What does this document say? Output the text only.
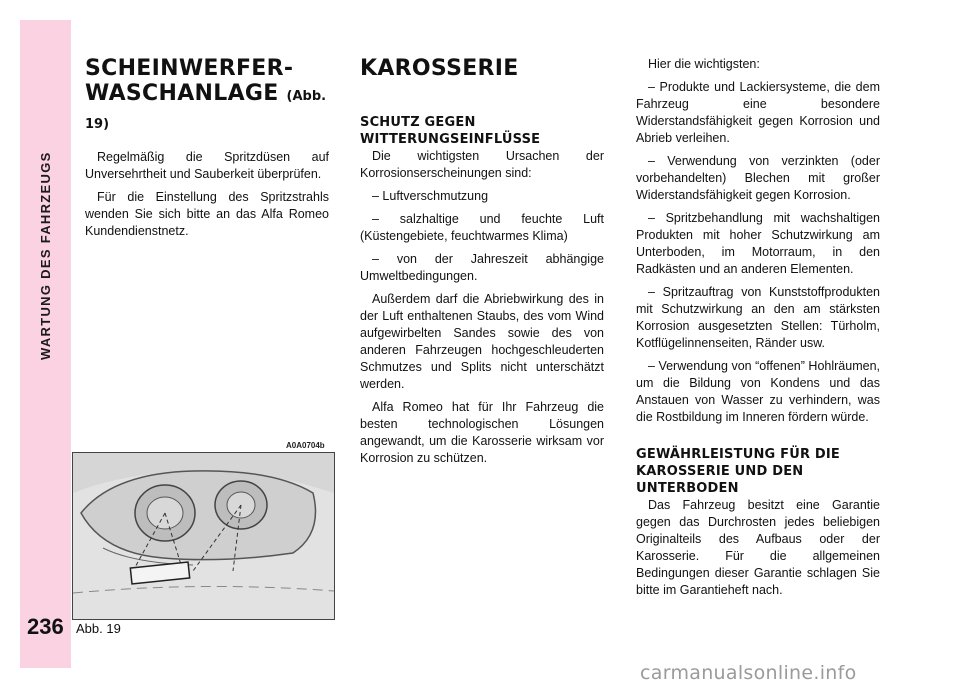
WARTUNG DES FAHRZEUGS
236
SCHEINWERFER-
WASCHANLAGE (Abb. 19)

Regelmäßig die Spritzdüsen auf Unversehrtheit und Sauberkeit überprüfen.

Für die Einstellung des Spritzstrahls wenden Sie sich bitte an das Alfa Romeo Kundendienstnetz.

A0A0704b
Abb. 19
KAROSSERIE
SCHUTZ GEGEN
WITTERUNGSEINFLÜSSE

Die wichtigsten Ursachen der Korrosionserscheinungen sind:

– Luftverschmutzung

– salzhaltige und feuchte Luft (Küstengebiete, feuchtwarmes Klima)

– von der Jahreszeit abhängige Umweltbedingungen.

Außerdem darf die Abriebwirkung des in der Luft enthaltenen Staubs, des vom Wind aufgewirbelten Sandes sowie des von anderen Fahrzeugen hochgeschleuderten Schmutzes und Splits nicht unterschätzt werden.

Alfa Romeo hat für Ihr Fahrzeug die besten technologischen Lösungen angewandt, um die Karosserie wirksam vor Korrosion zu schützen.

Hier die wichtigsten:

– Produkte und Lackiersysteme, die dem Fahrzeug eine besondere Widerstandsfähigkeit gegen Korrosion und Abrieb verleihen.

– Verwendung von verzinkten (oder vorbehandelten) Blechen mit großer Widerstandsfähigkeit gegen Korrosion.

– Spritzbehandlung mit wachshaltigen Produkten mit hoher Schutzwirkung am Unterboden, im Motorraum, in den Radkästen und an anderen Elementen.

– Spritzauftrag von Kunststoffprodukten mit Schutzwirkung an den am stärksten Korrosion ausgesetzten Stellen: Türholm, Kotflügelinnenseiten, Ränder usw.

– Verwendung von “offenen” Hohlräumen, um die Bildung von Kondens und das Anstauen von Wasser zu verhindern, was die Rostbildung im Inneren fördern würde.

GEWÄHRLEISTUNG FÜR DIE
KAROSSERIE UND DEN
UNTERBODEN

Das Fahrzeug besitzt eine Garantie gegen das Durchrosten jedes beliebigen Originalteils des Aufbaus oder der Karosserie. Für die allgemeinen Bedingungen dieser Garantie schlagen Sie bitte im Garantieheft nach.

carmanualsonline.info
